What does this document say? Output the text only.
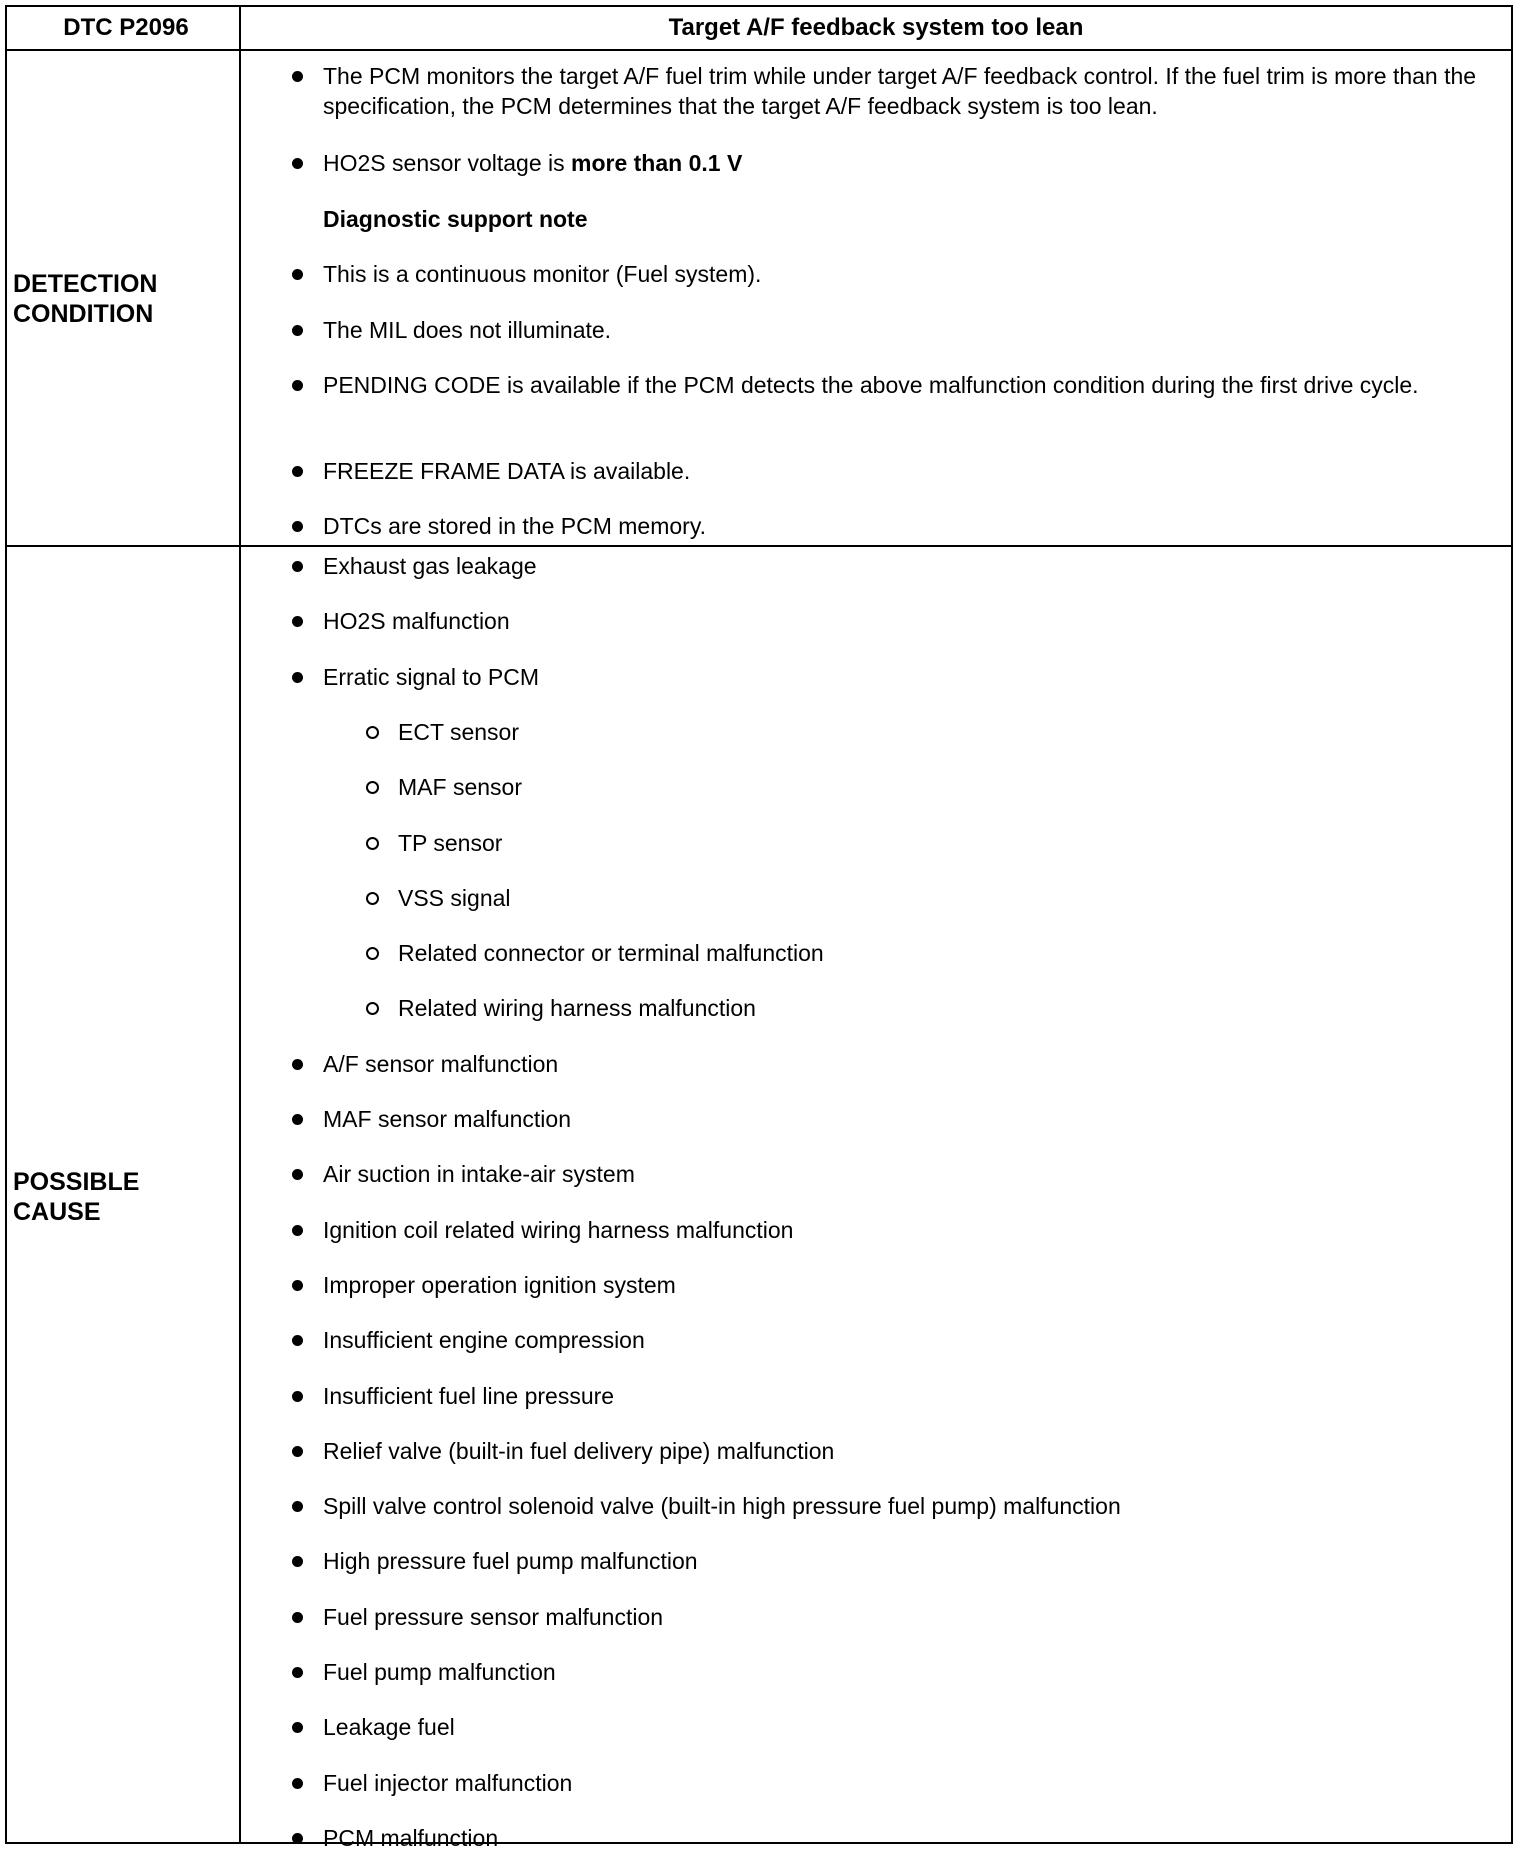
DTC P2096	Target A/F feedback system too lean
DETECTION
CONDITION
The PCM monitors the target A/F fuel trim while under target A/F feedback control. If the fuel trim is more than the specification, the PCM determines that the target A/F feedback system is too lean.
HO2S sensor voltage is more than 0.1 V
Diagnostic support note
This is a continuous monitor (Fuel system).
The MIL does not illuminate.
PENDING CODE is available if the PCM detects the above malfunction condition during the first drive cycle.
FREEZE FRAME DATA is available.
DTCs are stored in the PCM memory.
POSSIBLE
CAUSE
Exhaust gas leakage
HO2S malfunction
Erratic signal to PCM
ECT sensor
MAF sensor
TP sensor
VSS signal
Related connector or terminal malfunction
Related wiring harness malfunction
A/F sensor malfunction
MAF sensor malfunction
Air suction in intake-air system
Ignition coil related wiring harness malfunction
Improper operation ignition system
Insufficient engine compression
Insufficient fuel line pressure
Relief valve (built-in fuel delivery pipe) malfunction
Spill valve control solenoid valve (built-in high pressure fuel pump) malfunction
High pressure fuel pump malfunction
Fuel pressure sensor malfunction
Fuel pump malfunction
Leakage fuel
Fuel injector malfunction
PCM malfunction
